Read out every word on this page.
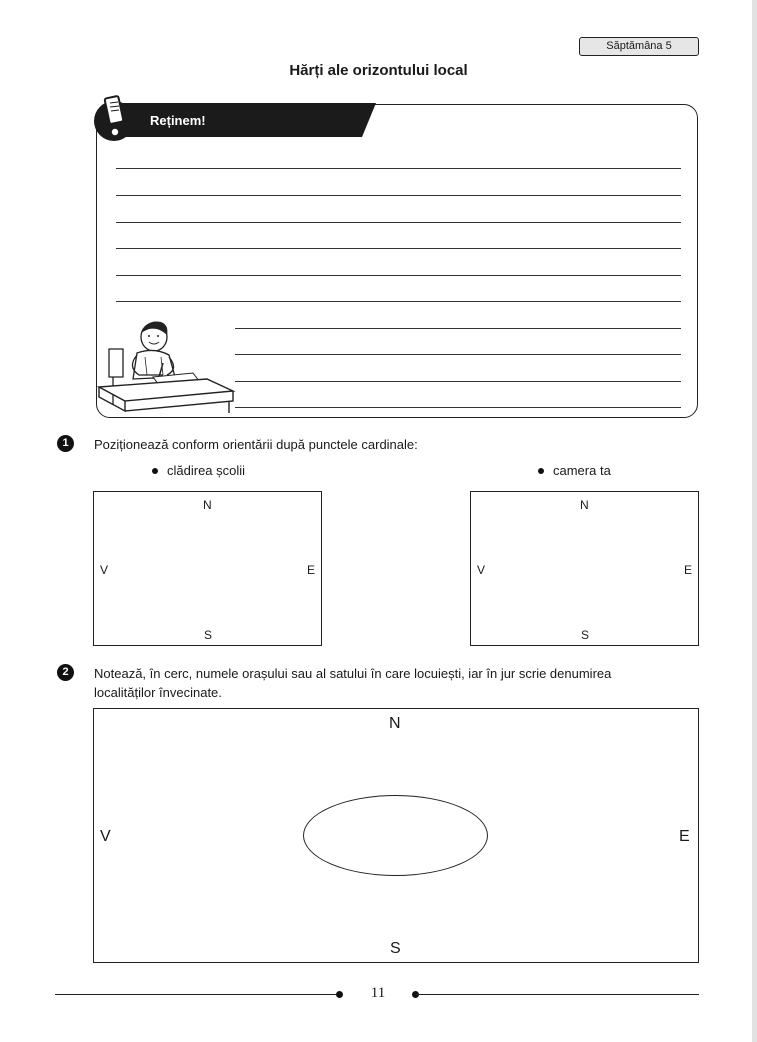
Săptămâna 5
Hărți ale orizontului local
Reținem!
1	Poziționează conform orientării după punctele cardinale:
clădirea școlii	camera ta
N
V	E
S
N
V	E
S
2	Notează, în cerc, numele orașului sau al satului în care locuiești, iar în jur scrie denumirea
localităților învecinate.
N
V	E
S
11
